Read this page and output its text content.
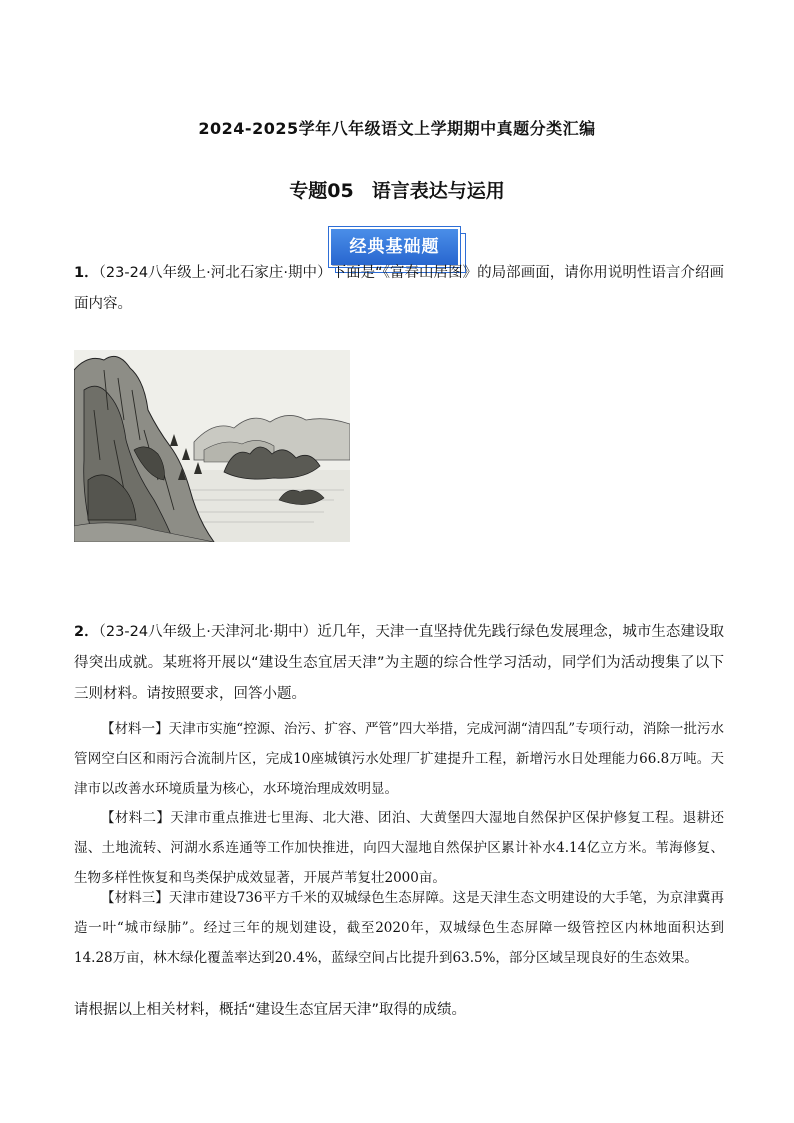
2024-2025学年八年级语文上学期期中真题分类汇编
专题05 语言表达与运用
经典基础题
1．（23-24八年级上·河北石家庄·期中）下面是“《富春山居图》的局部画面，请你用说明性语言介绍画面内容。
2．（23-24八年级上·天津河北·期中）近几年，天津一直坚持优先践行绿色发展理念，城市生态建设取得突出成就。某班将开展以“建设生态宜居天津”为主题的综合性学习活动，同学们为活动搜集了以下三则材料。请按照要求，回答小题。
【材料一】天津市实施“控源、治污、扩容、严管”四大举措，完成河湖“清四乱”专项行动，消除一批污水管网空白区和雨污合流制片区，完成10座城镇污水处理厂扩建提升工程，新增污水日处理能力66.8万吨。天津市以改善水环境质量为核心，水环境治理成效明显。
【材料二】天津市重点推进七里海、北大港、团泊、大黄堡四大湿地自然保护区保护修复工程。退耕还湿、土地流转、河湖水系连通等工作加快推进，向四大湿地自然保护区累计补水4.14亿立方米。苇海修复、生物多样性恢复和鸟类保护成效显著，开展芦苇复壮2000亩。
【材料三】天津市建设736平方千米的双城绿色生态屏障。这是天津生态文明建设的大手笔，为京津冀再造一叶“城市绿肺”。经过三年的规划建设，截至2020年，双城绿色生态屏障一级管控区内林地面积达到14.28万亩，林木绿化覆盖率达到20.4%，蓝绿空间占比提升到63.5%，部分区域呈现良好的生态效果。
请根据以上相关材料，概括“建设生态宜居天津”取得的成绩。
